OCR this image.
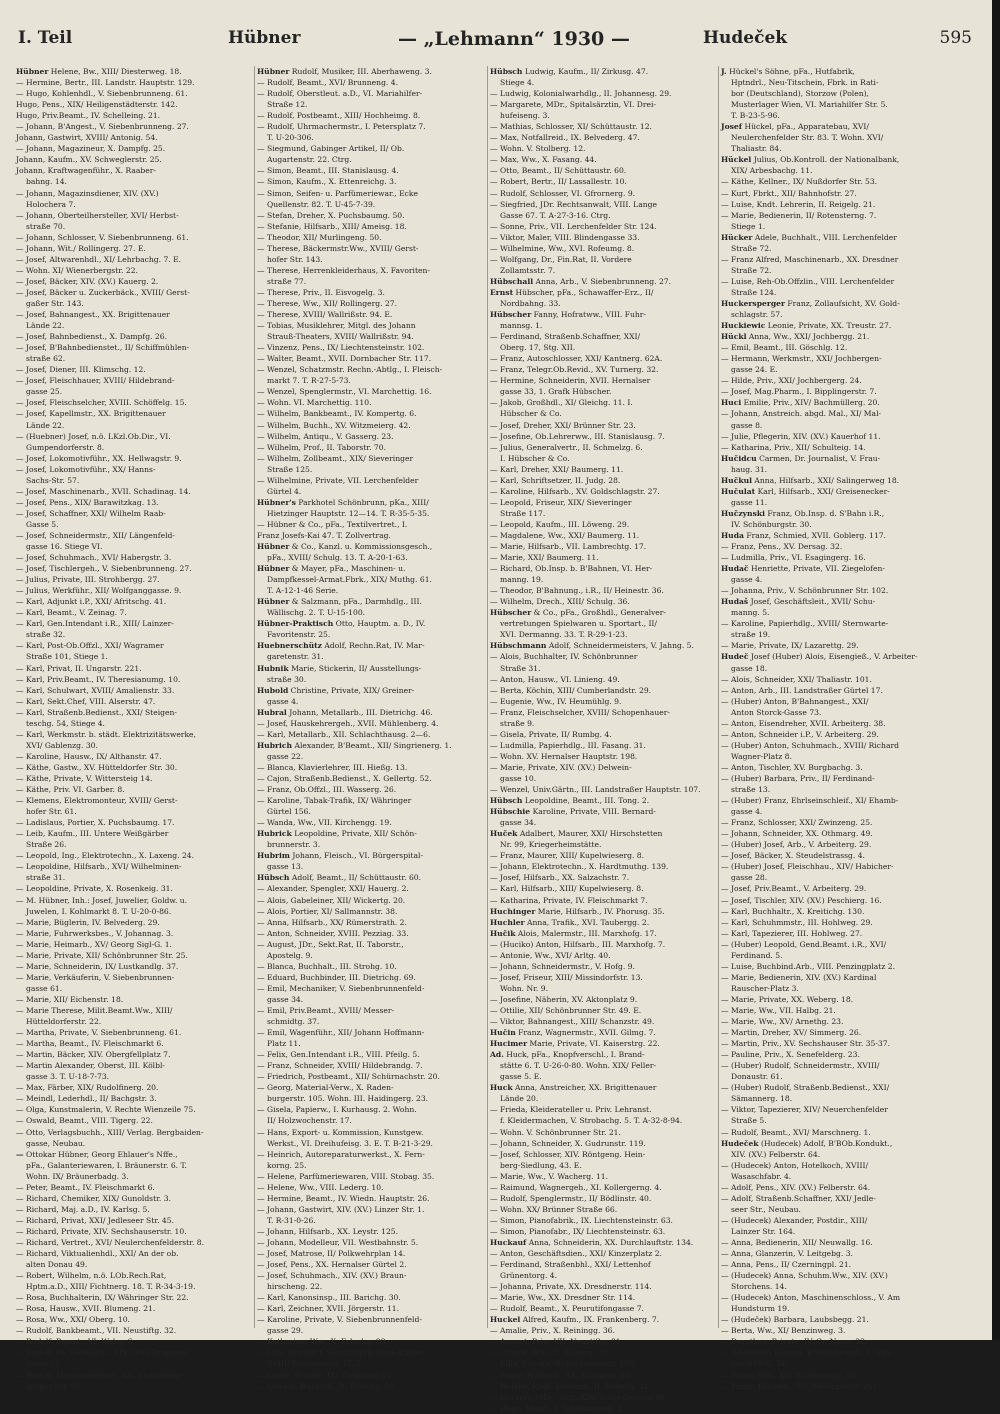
I. Teil	Hübner	— „Lehmann“ 1930 —	Hudeček	595
Hübner Helene, Bw., XIII/ Diesterweg. 18.
— Hermine, Bertr., III. Landstr. Hauptstr. 129.
— Hugo, Kohlenhdl., V. Siebenbrunneng. 61.
Hugo, Pens., XIX/ Heiligenstädterstr. 142.
Hugo, Priv.Beamt., IV. Schelleing. 21.
— Johann, B'Angest., V. Siebenbrunneng. 27.
Johann, Gastwirt, XVIII/ Antonig. 54.
— Johann, Magazineur, X. Dampfg. 25.
Johann, Kaufm., XV. Schweglerstr. 25.
Johann, Kraftwagenführ., X. Raaber-
bahng. 14.
— Johann, Magazinsdiener, XIV. (XV.)
Holochera 7.
— Johann, Oberteilhersteller, XVI/ Herbst-
straße 70.
— Johann, Schlosser, V. Siebenbrunneng. 61.
— Johann, Wit./ Rollingerg. 27. E.
— Josef, Altwarenhdl., XI/ Lehrbachg. 7. E.
— Wohn. XI/ Wienerbergstr. 22.
— Josef, Bäcker, XIV. (XV.) Kauerg. 2.
— Josef, Bäcker u. Zuckerbäck., XVIII/ Gerst-
gaßer Str. 143.
— Josef, Bahnangest., XX. Brigittenauer
Lände 22.
— Josef, Bahnbedienst., X. Dampfg. 26.
— Josef, B'Bahnbedienstet., II/ Schiffmühlen-
straße 62.
— Josef, Diener, III. Klimschg. 12.
— Josef, Fleischhauer, XVIII/ Hildebrand-
gasse 25.
— Josef, Fleischselcher, XVIII. Schöffelg. 15.
— Josef, Kapellmstr., XX. Brigittenauer
Lände 22.
— (Huebner) Josef, n.ö. LKzl.Ob.Dir., VI.
Gumpendorferstr. 8.
— Josef, Lokomotivführ., XX. Hellwagstr. 9.
— Josef, Lokomotivführ., XX/ Hanns-
Sachs-Str. 57.
— Josef, Maschinenarb., XVII. Schadinag. 14.
— Josef, Pens., XIX/ Barawitzkag. 13.
— Josef, Schaffner, XXI/ Wilhelm Raab-
Gasse 5.
— Josef, Schneidermstr., XII/ Längenfeld-
gasse 16. Stiege VI.
— Josef, Schuhmach., XVI/ Habergstr. 3.
— Josef, Tischlergeh., V. Siebenbrunneng. 27.
— Julius, Private, III. Strohbergg. 27.
— Julius, Werkführ., XII/ Wolfganggasse. 9.
— Karl, Adjunkt i.P., XXI/ Afritschg. 41.
— Karl, Beamt., V. Zeinag. 7.
— Karl, Gen.Intendant i.R., XIII/ Lainzer-
straße 32.
— Karl, Post-Ob.Offzl., XXI/ Wagramer
Straße 101, Stiege 1.
— Karl, Privat, II. Ungarstr. 221.
— Karl, Priv.Beamt., IV. Theresianumg. 10.
— Karl, Schulwart, XVIII/ Amalienstr. 33.
— Karl, Sekt.Chef, VIII. Alserstr. 47.
— Karl, Straßenb.Bedienst., XXI/ Steigen-
teschg. 54, Stiege 4.
— Karl, Werkmstr. b. städt. Elektrizitätswerke,
XVI/ Gablenzg. 30.
— Karoline, Hausw., IX/ Althanstr. 47.
— Käthe, Gastw., XV. Hütteldorfer Str. 30.
— Käthe, Private, V. Wittersteig 14.
— Käthe, Priv. VI. Garber. 8.
— Klemens, Elektromonteur, XVIII/ Gerst-
hofer Str. 61.
— Ladislaus, Portier, X. Puchsbaumg. 17.
— Leib, Kaufm., III. Untere Weißgärber
Straße 26.
— Leopold, Ing., Elektrotechn., X. Laxeng. 24.
— Leopoldine, Hilfsarb., XVI/ Wilhelminen-
straße 31.
— Leopoldine, Private, X. Rosenkeig. 31.
— M. Hübner, Inh.: Josef, Juwelier, Goldw. u.
Juwelen, I. Kohlmarkt 8. T. U-20-0-86.
— Marie, Büglerin, IV. Belvederg. 29.
— Marie, Fuhrwerksbes., V. Johannag. 3.
— Marie, Heimarb., XV/ Georg Sigl-G. 1.
— Marie, Private, XII/ Schönbrunner Str. 25.
— Marie, Schneiderin, IX/ Lustkandlg. 37.
— Marie, Verkäuferin, V. Siebenbrunnen-
gasse 61.
— Marie, XII/ Eichenstr. 18.
— Marie Therese, Milit.Beamt.Ww., XIII/
Hütteldorferstr. 22.
— Martha, Private, V. Siebenbrunneng. 61.
— Martha, Beamt., IV. Fleischmarkt 6.
— Martin, Bäcker, XIV. Obergfellplatz 7.
— Martin Alexander, Oberst, III. Kölbl-
gasse 3. T. U-18-7-73.
— Max, Färber, XIX/ Rudolfinerg. 20.
— Meindl, Lederhdl., II/ Bachgstr. 3.
— Olga, Kunstmalerin, V. Rechte Wienzeile 75.
— Oswald, Beamt., VIII. Tigerg. 22.
— Otto, Verlagsbuchh., XIII/ Verlag. Bergbaiden-
gasse, Neubau.
— Ottokar Hübner, Georg Ehlauer's Nffe.,
pFa., Galanteriewaren, I. Bräunerstr. 6. T.
Wohn. IX/ Bräunerbadg. 3.
— Peter, Beamt., IV. Fleischmarkt 6.
— Richard, Chemiker, XIX/ Gunoldstr. 3.
— Richard, Maj. a.D., IV. Karlsg. 5.
— Richard, Privat, XXI/ Jedleseer Str. 45.
— Richard, Private, XIV. Sechshauserstr. 10.
— Richard, Vertret., XVI/ Neulerchenfelderstr. 8.
— Richard, Viktualienhdl., XXI/ An der ob.
alten Donau 49.
— Robert, Wilhelm, n.ö. LOb.Rech.Rat,
Hptm.a.D., XIII/ Fichtnerg. 18. T. R-34-3-19.
— Rosa, Buchhalterin, IX/ Währinger Str. 22.
— Rosa, Hausw., XVII. Blumeng. 21.
— Rosa, Ww., XXI/ Oberg. 10.
— Rudolf, Bankbeamt., VII. Neustiftg. 32.
— Rudolf, Beamt., VI. Webg. 6.
— Rudolf, Fa. Gesellsch., XIV. (XV.) Dragoner-
gasse 11.
— Rudolf, Maschinenmstr., XX. Klosterneu-
burger Str. 95.
Hübner Rudolf, Musiker, III. Aberhaweng. 3.
— Rudolf, Beamt., XVI/ Brunneng. 4.
— Rudolf, Oberstleut. a.D., VI. Mariahilfer-
Straße 12.
— Rudolf, Postbeamt., XIII/ Hochheimg. 8.
— Rudolf, Uhrmachermstr., I. Petersplatz 7.
T. U-20-306.
— Siegmund, Gabinger Artikel, II/ Ob.
Augartenstr. 22. Ctrg.
— Simon, Beamt., III. Stanislausg. 4.
— Simon, Kaufm., X. Ettenreichg. 3.
— Simon, Seifen- u. Parfümeriewar., Ecke
Quellenstr. 82. T. U-45-7-39.
— Stefan, Dreher, X. Puchsbaumg. 50.
— Stefanie, Hilfsarb., XIII/ Ameisg. 18.
— Theodor, XII/ Murlingeng. 50.
— Therese, Bäckermstr.Ww., XVIII/ Gerst-
hofer Str. 143.
— Therese, Herrenkleiderhaus, X. Favoriten-
straße 77.
— Therese, Priv., II. Eisvogelg. 3.
— Therese, Ww., XII/ Rollingerg. 27.
— Therese, XVIII/ Wallrißstr. 94. E.
— Tobias, Musiklehrer, Mitgl. des Johann
Strauß-Theaters, XVIII/ Wallrißstr. 94.
— Vinzenz, Pens., IX/ Liechtensteinstr. 102.
— Walter, Beamt., XVII. Dornbacher Str. 117.
— Wenzel, Schatzmstr. Rechn.-Abtlg., I. Fleisch-
markt 7. T. R-27-5-73.
— Wenzel, Spenglermstr., VI. Marchettig. 16.
— Wohn. VI. Marchettig. 110.
— Wilhelm, Bankbeamt., IV. Kompertg. 6.
— Wilhelm, Buchh., XV. Witzmeierg. 42.
— Wilhelm, Antiqu., V. Gasserg. 23.
— Wilhelm, Prof., II. Taborstr. 70.
— Wilhelm, Zollbeamt., XIX/ Sieveringer
Straße 125.
— Wilhelmine, Private, VII. Lerchenfelder
Gürtel 4.
Hübner's Parkhotel Schönbrunn, pKa., XIII/
Hietzinger Hauptstr. 12—14. T. R-35-5-35.
— Hübner & Co., pFa., Textilvertret., I.
Franz Josefs-Kai 47. T. Zollvertrag.
Hübner & Co., Kanzl. u. Kommissionsgesch.,
pFa., XVIII/ Schulg. 13. T. A-20-1-63.
Hübner & Mayer, pFa., Maschinen- u.
Dampfkessel-Armat.Fbrk., XIX/ Muthg. 61.
T. A-12-1-46 Serie.
Hübner & Salzmann, pFa., Darmhdlg., III.
Wällischg. 2. T. U-15-100.
Hübner-Praktisch Otto, Hauptm. a. D., IV.
Favoritenstr. 25.
Huebnerschütz Adolf, Rechn.Rat, IV. Mar-
garetenstr. 31.
Hubnik Marie, Stickerin, II/ Ausstellungs-
straße 30.
Hubold Christine, Private, XIX/ Greiner-
gasse 4.
Hubral Johann, Metallarb., III. Dietrichg. 46.
— Josef, Hauskehrergeh., XVII. Mühlenberg. 4.
— Karl, Metallarb., XII. Schlachthausg. 2—6.
Hubrich Alexander, B'Beamt., XII/ Singrienerg. 1.
gasse 22.
— Blanca, Klavierlehrer, III. Hießg. 13.
— Cajon, Straßenb.Bedienst., X. Gellertg. 52.
— Franz, Ob.Offzl., III. Wasserg. 26.
— Karoline, Tabak-Trafik, IX/ Währinger
Gürtel 156.
— Wanda, Ww., VII. Kirchengg. 19.
Hubrick Leopoldine, Private, XII/ Schön-
brunnerstr. 3.
Hubrim Johann, Fleisch., VI. Bürgerspital-
gasse 13.
Hübsch Adolf, Beamt., II/ Schüttaustr. 60.
— Alexander, Spengler, XXI/ Hauerg. 2.
— Alois, Gabeleiner, XII/ Wickertg. 20.
— Alois, Portier, XI/ Sallmannstr. 38.
— Anna, Hilfsarb., XX/ Rümerstrath. 2.
— Anton, Schneider, XVIII. Pezziag. 33.
— August, JDr., Sekt.Rat, II. Taborstr.,
Apostelg. 9.
— Blanca, Buchhalt., III. Strohg. 10.
— Eduard, Buchbinder, III. Dietrichg. 69.
— Emil, Mechaniker, V. Siebenbrunnenfeld-
gasse 34.
— Emil, Priv.Beamt., XVIII/ Messer-
schmidtg. 37.
— Emil, Wagenführ., XII/ Johann Hoffmann-
Platz 11.
— Felix, Gen.Intendant i.R., VIII. Pfeilg. 5.
— Franz, Schneider, XVIII/ Hildebrandg. 7.
— Friedrich, Postbeamt., XII/ Schürnachstr. 20.
— Georg, Material-Verw., X. Raden-
burgerstr. 105. Wohn. III. Haidingerg. 23.
— Gisela, Papierw., I. Kurhausg. 2. Wohn.
II/ Holzwochenstr. 17.
— Hans, Export- u. Kommission, Kunstgew.
Werkst., VI. Dreihufeisg. 3. E. T. B-21-3-29.
— Heinrich, Autoreparaturwerkst., X. Fern-
korng. 25.
— Helene, Parfümeriewaren, VIII. Stobag. 35.
— Helene, Ww., VIII. Lederg. 10.
— Hermine, Beamt., IV. Wiedn. Hauptstr. 26.
— Johann, Gastwirt, XIV. (XV.) Linzer Str. 1.
T. R-31-0-26.
— Johann, Hilfsarb., XX. Leystr. 125.
— Johann, Modelleur, VII. Westbahnstr. 5.
— Josef, Matrose, II/ Polkwehrplan 14.
— Josef, Pens., XX. Hernalser Gürtel 2.
— Josef, Schuhmach., XIV. (XV.) Braun-
hirscheng. 22.
— Karl, Kanonsinsp., III. Barichg. 30.
— Karl, Zeichner, XVII. Jörgerstr. 11.
— Karoline, Private, V. Siebenbrunnenfeld-
gasse 29.
— Katharine, Ww., X. Erlachg. 88.
— Lilia, Institut f. vorschulpflichtige Kinder,
XVIII/ Schumanng. 17. T.
— Lottie, Private, IX/ Türkenstr. 21.
— Ludwig, Buchbdl., X. Erlachg. 88.
Hübsch Ludwig, Kaufm., II/ Zirkusg. 47.
Stiege 4.
— Ludwig, Kolonialwarhdlg., II. Johannesg. 29.
— Margarete, MDr., Spitalsärztin, VI. Drei-
hufeiseng. 3.
— Mathias, Schlosser, XI/ Schüttaustr. 12.
— Max, Notfallreid., IX. Belvederg. 47.
— Wohn. V. Stolberg. 12.
— Max, Ww., X. Fasang. 44.
— Otto, Beamt., II/ Schüttaustr. 60.
— Robert, Bertr., II/ Lassallestr. 10.
— Rudolf, Schlosser, VI. Gfrornerg. 9.
— Siegfried, JDr. Rechtsanwalt, VIII. Lange
Gasse 67. T. A-27-3-16. Ctrg.
— Sonne, Priv., VII. Lerchenfelder Str. 124.
— Viktor, Maler, VIII. Blindengasse 33.
— Wilhelmine, Ww., XVI. Rofeumg. 8.
— Wolfgang, Dr., Fin.Rat, II. Vordere
Zollamtsstr. 7.
Hübschall Anna, Arb., V. Siebenbrunneng. 27.
Ernst Hübscher, pFa., Schawaffer-Erz., II/
Nordbahng. 33.
Hübscher Fanny, Hofratww., VIII. Fuhr-
mannsg. 1.
— Ferdinand, Straßenb.Schaffner, XXI/
Oberg. 17, Stg. XII.
— Franz, Autoschlosser, XXI/ Kantnerg. 62A.
— Franz, Telegr.Ob.Revid., XV. Turnerg. 32.
— Hermine, Schneiderin, XVII. Hernalser
gasse 33, 1. Grafk Hübscher.
— Jakob, Großhdl., XI/ Gleichg. 11. I.
Hübscher & Co.
— Josef, Dreher, XXI/ Brünner Str. 23.
— Josefine, Ob.Lehrerww., III. Stanislausg. 7.
— Julius, Generalvertr., II. Schmelzg. 6.
I. Hübscher & Co.
— Karl, Dreher, XXI/ Baumerg. 11.
— Karl, Schriftsetzer, II. Judg. 28.
— Karoline, Hilfsarb., XV. Goldschlagstr. 27.
— Leopold, Friseur, XIX/ Sieveringer
Straße 117.
— Leopold, Kaufm., III. Löweng. 29.
— Magdalene, Ww., XXI/ Baumerg. 11.
— Marie, Hilfsarb., VII. Lambrechtg. 17.
— Marie, XXI/ Baumerg. 11.
— Richard, Ob.Insp. b. B'Bahnen, VI. Her-
manng. 19.
— Theodor, B'Bahnung., i.R., II/ Heinestr. 36.
— Wilhelm, Drech., XIII/ Schulg. 36.
Hübscher & Co., pFa., Großhdl., Generalver-
vertretungen Spielwaren u. Sportart., II/
XVI. Dermanng. 33. T. R-29-1-23.
Hübschmann Adolf, Schneidermeisters, V. Jahng. 5.
— Alois, Buchhalter, IV. Schönbrunner
Straße 31.
— Anton, Hausw., VI. Linieng. 49.
— Berta, Köchin, XIII/ Cumberlandstr. 29.
— Eugenie, Ww., IV. Heumühlg. 9.
— Franz, Fleischselcher, XVIII/ Schopenhauer-
straße 9.
— Gisela, Private, II/ Rumbg. 4.
— Ludmilla, Papierhdlg., III. Fasang. 31.
— Wohn. XV. Hernalser Hauptstr. 198.
— Marie, Private, XIV. (XV.) Delwein-
gasse 10.
— Wenzel, Univ.Gärtn., III. Landstraßer Hauptstr. 107.
Hübsch Leopoldine, Beamt., III. Tong. 2.
Hübschie Karoline, Private, VIII. Bernard-
gasse 34.
Huček Adalbert, Maurer, XXI/ Hirschstetten
Nr. 99, Kriegerheimstätte.
— Franz, Maurer, XIII/ Kupelwieserg. 8.
— Johann, Elektrotechn., X. Hardtmuthg. 139.
— Josef, Hilfsarb., XX. Salzachstr. 7.
— Karl, Hilfsarb., XIII/ Kupelwieserg. 8.
— Katharina, Private, IV. Fleischmarkt 7.
Huchinger Marie, Hilfsarb., IV. Phorusg. 35.
Huchler Anna, Trafik., XVI. Taubergg. 2.
Hučik Alois, Malermstr., III. Marxhofg. 17.
— (Huciko) Anton, Hilfsarb., III. Marxhofg. 7.
— Antonie, Ww., XVI/ Arltg. 40.
— Johann, Schneidermstr., V. Hofg. 9.
— Josef, Friseur, XIII/ Missindorfstr. 13.
Wohn. Nr. 9.
— Josefine, Näherin, XV. Aktonplatz 9.
— Ottilie, XII/ Schönbrunner Str. 49. E.
— Viktor, Bahnangest., XIII/ Schanzstr. 49.
Hučin Franz, Wagnermstr., XVII. Gilmg. 7.
Hucimer Marie, Private, VI. Kaiserstrg. 22.
Ad. Huck, pFa., Knopfverschl., I. Brand-
stätte 6. T. U-26-0-80. Wohn. XIX/ Feller-
gasse 5. E.
Huck Anna, Anstreicher, XX. Brigittenauer
Lände 20.
— Frieda, Kleiderateller u. Priv. Lehranst.
f. Kleidermachen, V. Strobachg. 5. T. A-32-8-94.
— Wohn. V. Schönbrunner Str. 21.
— Johann, Schneider, X. Gudrunstr. 119.
— Josef, Schlosser, XIV. Röntgeng. Hein-
berg-Siedlung, 43. E.
— Marie, Ww., V. Wacherg. 11.
— Raimund, Wagnergeh., XI. Kollergerng. 4.
— Rudolf, Spenglermstr., II/ Bödlinstr. 40.
— Wohn. XX/ Brünner Straße 66.
— Simon, Pianofabrik., IX. Liechtensteinstr. 63.
— Simon, Pianofabr., IX/ Liechtensteinstr. 63.
Huckauf Anna, Schneiderin, XX. Durchlauftstr. 134.
— Anton, Geschäftsdien., XXI/ Kinzerplatz 2.
— Ferdinand, Straßenbhl., XXI/ Lettenhof
Grünentorg. 4.
— Johanna, Private, XX. Dresdnerstr. 114.
— Marie, Ww., XX. Dresdner Str. 114.
— Rudolf, Beamt., X. Peurutifongasse 7.
Huckel Alfred, Kaufm., IX. Frankenberg. 7.
— Amalie, Priv., X. Reiningg. 36.
— August, Priv., VII. Neustiftg. 81.
— Chanie, Ww., II. Kaiserg. 33.
— Ellie, Private, II/ Borgartenstr. 183.
— Franz, Hilfsarb., XX. Kunisistr. 22.
— Helene, Kndt. Lehrerin, II. Reigelg. 21.
— Herbert, MDr., Arzt, XIX/ Schreiberweg 98.
— Hugo, Fbrkt., I. Nibelungeng. 3.
J. Hückel's Söhne, pFa., Hutfabrik,
Hptndrl., Neu-Titschein, Fbrk. in Rati-
bor (Deutschland), Storzow (Polen),
Musterlager Wien, VI. Mariahilfer Str. 5.
T. B-23-5-96.
Josef Hückel, pFa., Apparatebau, XVI/
Neulerchenfelder Str. 83. T. Wohn. XVI/
Thaliastr. 84.
Hückel Julius, Ob.Kontroll. der Nationalbank,
XIX/ Arbesbachg. 11.
— Käthe, Kellner., IX/ Nußdorfer Str. 53.
— Kurt, Fbrkt., XII/ Bahnhofstr. 27.
— Luise, Kndt. Lehrerin, II. Reigelg. 21.
— Marie, Bedienerin, II/ Rotensterng. 7.
Stiege 1.
Hücker Adele, Buchhalt., VIII. Lerchenfelder
Straße 72.
— Franz Alfred, Maschinenarb., XX. Dresdner
Straße 72.
— Luise, Reh-Ob.Offzlin., VIII. Lerchenfelder
Straße 124.
Huckersperger Franz, Zollaufsicht, XV. Gold-
schlagstr. 57.
Huckiewic Leonie, Private, XX. Treustr. 27.
Hückl Anna, Ww., XXI/ Jochbergg. 21.
— Emil, Beamt., III. Göschlg. 12.
— Hermann, Werkmstr., XXI/ Jochbergen-
gasse 24. E.
— Hilde, Priv., XXI/ Jochbergerg. 24.
— Josef, Mag.Pharm., I. Bipplingerstr. 7.
Huci Emilie, Priv., XIV/ Bachmüllerg. 20.
— Johann, Anstreich. abgd. Mal., XI/ Mal-
gasse 8.
— Julie, Pflegerin, XIV. (XV.) Kauerhof 11.
— Katharina, Priv., XII/ Schulteig. 14.
Hučidcu Carmen, Dr. Journalist, V. Frau-
haug. 31.
Hučkul Anna, Hilfsarb., XXI/ Salingerweg 18.
Hučulat Karl, Hilfsarb., XXI/ Greisenecker-
gasse 11.
Hučzynski Franz, Ob.Insp. d. S'Bahn i.R.,
IV. Schönburgstr. 30.
Huda Franz, Schmied, XVII. Goblerg. 117.
— Franz, Pens., XV. Dersag. 32.
— Ludmilla, Priv., VI. Esagingerg. 16.
Hudač Henriette, Private, VII. Ziegelofen-
gasse 4.
— Johanna, Priv., V. Schönbrunner Str. 102.
Hudaš Josef, Geschäftsleit., XVII/ Schu-
manng. 5.
— Karoline, Papierhdlg., XVIII/ Sternwarte-
straße 19.
— Marie, Private, IX/ Lazarettg. 29.
Hudeč Josef (Huber) Alois, Eisengieß., V. Arbeiter-
gasse 18.
— Alois, Schneider, XXI/ Thaliastr. 101.
— Anton, Arb., III. Landstraßer Gürtel 17.
— (Huber) Anton, B'Bahnangest., XXI/
Anton Storck-Gasse 73.
— Anton, Eisendreher, XVII. Arbeiterg. 38.
— Anton, Schneider i.P., V. Arbeiterg. 29.
— (Huber) Anton, Schuhmach., XVIII/ Richard
Wagner-Platz 8.
— Anton, Tischler, XV. Burgbachg. 3.
— (Huber) Barbara, Priv., II/ Ferdinand-
straße 13.
— (Huber) Franz, Ehrlseinschleif., XI/ Ehamb-
gasse 4.
— Franz, Schlosser, XXI/ Zwinzeng. 25.
— Johann, Schneider, XX. Othmarg. 49.
— (Huber) Josef, Arb., V. Arbeiterg. 29.
— Josef, Bäcker, X. Steudelstrassg. 4.
— (Huber) Josef, Fleischhau., XIV/ Habicher-
gasse 28.
— Josef, Priv.Beamt., V. Arbeiterg. 29.
— Josef, Tischler, XIV. (XV.) Peschierg. 16.
— Karl, Buchhaltr., X. Kreitichg. 130.
— Karl, Schuhmmstr., III. Hohlweg. 29.
— Karl, Tapezierer, III. Hohlweg. 27.
— (Huber) Leopold, Gend.Beamt. i.R., XVI/
Ferdinand. 5.
— Luise, Buchbind.Arb., VIII. Penzingplatz 2.
— Marie, Bedienerin, XIV. (XV.) Kardinal
Rauscher-Platz 3.
— Marie, Private, XX. Weberg. 18.
— Marie, Ww., VII. Halbg. 21.
— Marie, Ww., XV/ Arnethg. 23.
— Martin, Dreher, XV/ Simmerg. 26.
— Martin, Priv., XV. Sechshauser Str. 35-37.
— Pauline, Priv., X. Senefelderg. 23.
— (Huber) Rudolf, Schneidermstr., XVIII/
Donaustr. 61.
— (Huber) Rudolf, Straßenb.Bedienst., XXI/
Sämannerg. 18.
— Viktor, Tapezierer, XIV/ Neuerchenfelder
Straße 5.
— Rudolf, Beamt., XVI/ Marschnerg. 1.
Hudeček (Hudecek) Adolf, B'BOb.Kondukt.,
XIV. (XV.) Felberstr. 64.
— (Hudecek) Anton, Hotelkoch, XVIII/
Wasaschfabr. 4.
— Adolf, Pens., XIV. (XV.) Felberstr. 64.
— Adolf, Straßenb.Schaffner, XXI/ Jedle-
seer Str., Neubau.
— (Hudecek) Alexander, Postdir., XIII/
Lainzer Str. 164.
— Anna, Bedienerin, XII/ Neuwallg. 16.
— Anna, Glanzerin, V. Leitgebg. 3.
— Anna, Pens., II/ Czerningpl. 21.
— (Hudecek) Anna, Schuhm.Ww., XIV. (XV.)
Storchens. 14.
— (Hudecek) Anton, Maschinenschloss., V. Am
Hundsturm 19.
— (Hudeček) Barbara, Laubsbegg. 21.
— Berta, Ww., XI/ Benzinweg. 3.
— Dorothea, Private, IV. Gr. Neug. 22.
— (Hudecek) Eduard, B'Bahnbeamt., X. Van
der Nüll-G. 34.
— Fanny, Ww., XII/ Wolfganggg. 56.
— Franz, Hilfsarb., XV. Selzergerstr. 261.
